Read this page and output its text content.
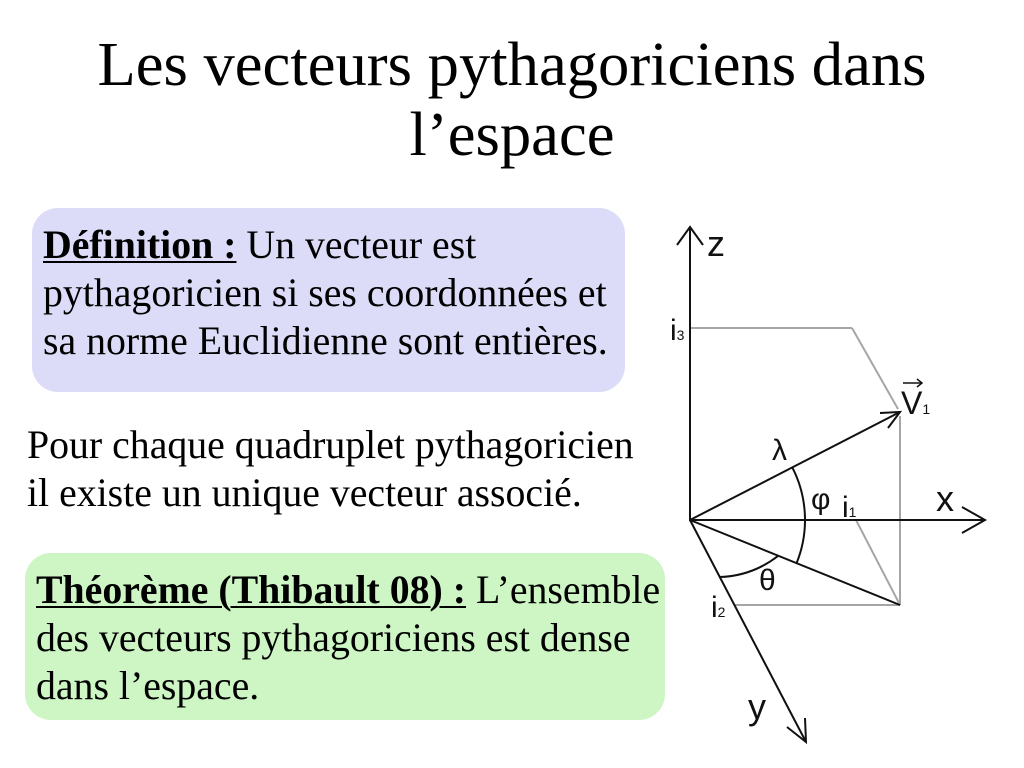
Les vecteurs pythagoriciens dans
l’espace
Définition : Un vecteur est
pythagoricien si ses coordonnées et
sa norme Euclidienne sont entières.
Pour chaque quadruplet pythagoricien
il existe un unique vecteur associé.
Théorème (Thibault 08) : L’ensemble
des vecteurs pythagoriciens est dense
dans l’espace.
z
x
y
i3
i1
i2
V1
λ
φ
θ
